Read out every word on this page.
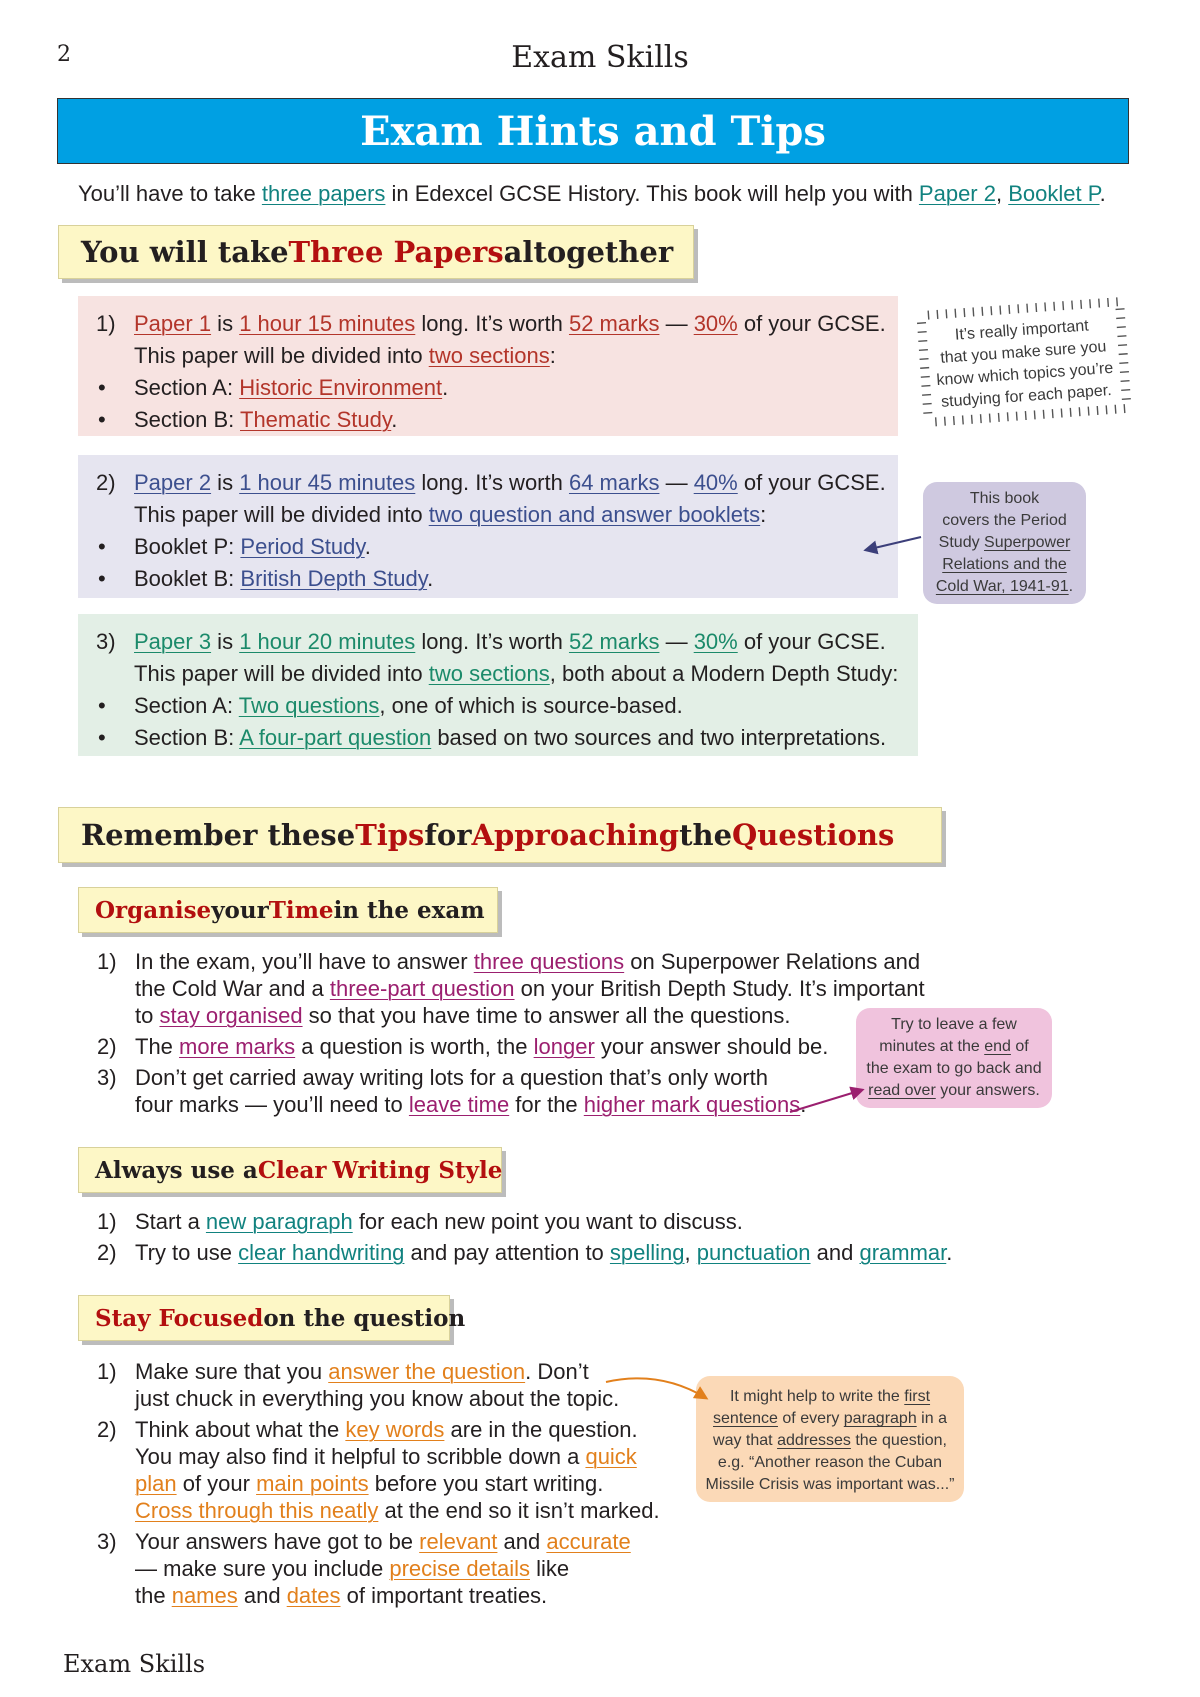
2	Exam Skills
Exam Hints and Tips
You’ll have to take three papers in Edexcel GCSE History. This book will help you with Paper 2, Booklet P.
You will take Three Papers altogether
1) Paper 1 is 1 hour 15 minutes long. It’s worth 52 marks — 30% of your GCSE.
This paper will be divided into two sections:
• Section A: Historic Environment.
• Section B: Thematic Study.
2) Paper 2 is 1 hour 45 minutes long. It’s worth 64 marks — 40% of your GCSE.
This paper will be divided into two question and answer booklets:
• Booklet P: Period Study.
• Booklet B: British Depth Study.
3) Paper 3 is 1 hour 20 minutes long. It’s worth 52 marks — 30% of your GCSE.
This paper will be divided into two sections, both about a Modern Depth Study:
• Section A: Two questions, one of which is source-based.
• Section B: A four-part question based on two sources and two interpretations.
It’s really important
that you make sure you
know which topics you’re
studying for each paper.
This book
covers the Period
Study Superpower
Relations and the
Cold War, 1941-91.
Remember these Tips for Approaching the Questions
Organise your Time in the exam
1) In the exam, you’ll have to answer three questions on Superpower Relations and
the Cold War and a three-part question on your British Depth Study. It’s important
to stay organised so that you have time to answer all the questions.
2) The more marks a question is worth, the longer your answer should be.
3) Don’t get carried away writing lots for a question that’s only worth
four marks — you’ll need to leave time for the higher mark questions.
Try to leave a few
minutes at the end of
the exam to go back and
read over your answers.
Always use a Clear Writing Style
1) Start a new paragraph for each new point you want to discuss.
2) Try to use clear handwriting and pay attention to spelling, punctuation and grammar.
Stay Focused on the question
1) Make sure that you answer the question. Don’t
just chuck in everything you know about the topic.
2) Think about what the key words are in the question.
You may also find it helpful to scribble down a quick
plan of your main points before you start writing.
Cross through this neatly at the end so it isn’t marked.
3) Your answers have got to be relevant and accurate
— make sure you include precise details like
the names and dates of important treaties.
It might help to write the first
sentence of every paragraph in a
way that addresses the question,
e.g. “Another reason the Cuban
Missile Crisis was important was...”
Exam Skills
